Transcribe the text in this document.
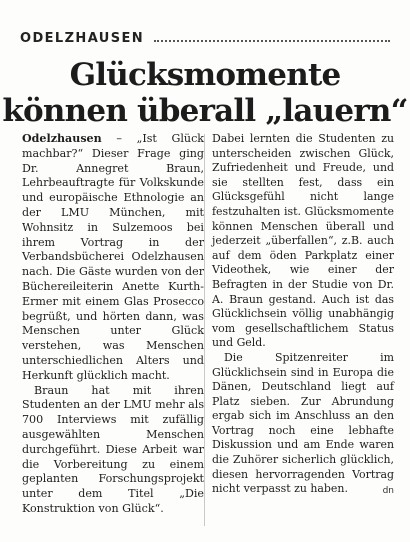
ODELZHAUSEN
Glücksmomente
können überall „lauern“

Odelzhausen – „Ist Glück machbar?“ Dieser Frage ging Dr. Annegret Braun, Lehrbeauftragte für Volkskunde und europäische Ethnologie an der LMU München, mit Wohnsitz in Sulzemoos bei ihrem Vortrag in der Verbandsbücherei Odelzhausen nach. Die Gäste wurden von der Büchereileiterin Anette Kurth-Ermer mit einem Glas Prosecco begrüßt, und hörten dann, was Menschen unter Glück verstehen, was Menschen unterschiedlichen Alters und Herkunft glücklich macht.

Braun hat mit ihren Studenten an der LMU mehr als 700 Interviews mit zufällig ausgewählten Menschen durchgeführt. Diese Arbeit war die Vorbereitung zu einem geplanten Forschungsprojekt unter dem Titel „Die Konstruktion von Glück“.

Dabei lernten die Studenten zu unterscheiden zwischen Glück, Zufriedenheit und Freude, und sie stellten fest, dass ein Glücksgefühl nicht lange festzuhalten ist. Glücksmomente können Menschen überall und jederzeit „überfallen“, z.B. auch auf dem öden Parkplatz einer Videothek, wie einer der Befragten in der Studie von Dr. A. Braun gestand. Auch ist das Glücklichsein völlig unabhängig vom gesellschaftlichem Status und Geld.

Die Spitzenreiter im Glücklichsein sind in Europa die Dänen, Deutschland liegt auf Platz sieben. Zur Abrundung ergab sich im Anschluss an den Vortrag noch eine lebhafte Diskussion und am Ende waren die Zuhörer sicherlich glücklich, diesen hervorragenden Vortrag nicht verpasst zu haben.	dn
